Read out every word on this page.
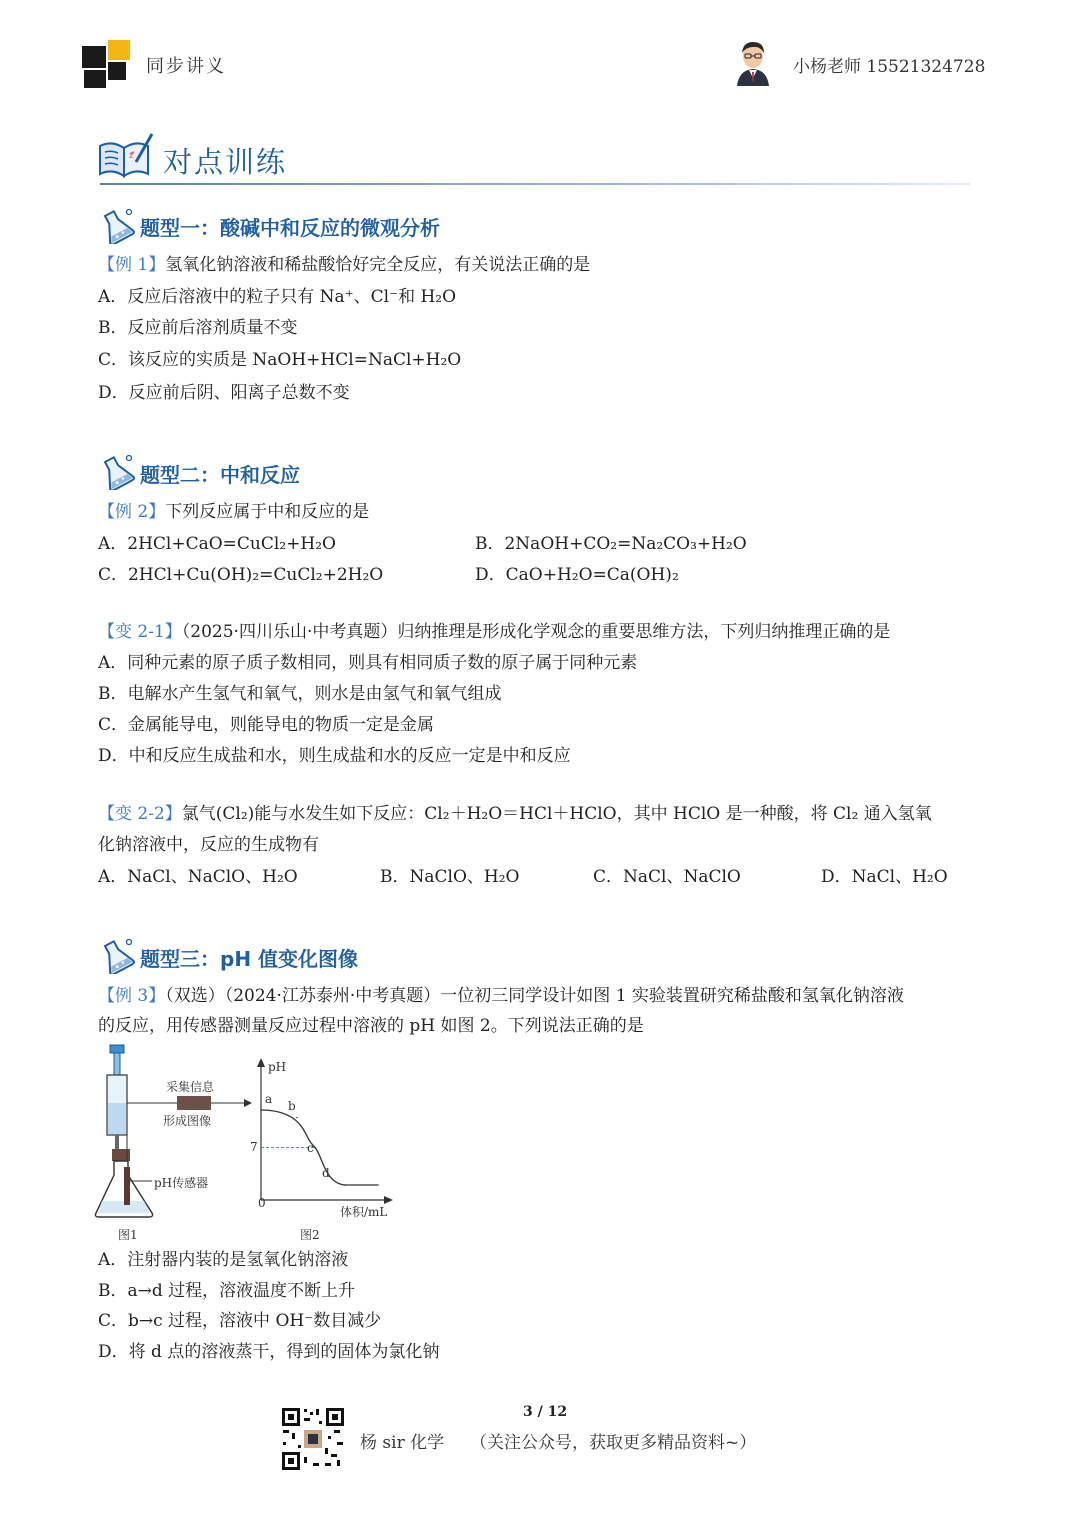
同步讲义	小杨老师 15521324728
z 对点训练
题型一：酸碱中和反应的微观分析
【例 1】氢氧化钠溶液和稀盐酸恰好完全反应，有关说法正确的是
A．反应后溶液中的粒子只有 Na⁺、Cl⁻和 H₂O
B．反应前后溶剂质量不变
C．该反应的实质是 NaOH+HCl=NaCl+H₂O
D．反应前后阴、阳离子总数不变
题型二：中和反应
【例 2】下列反应属于中和反应的是
A．2HCl+CaO=CuCl₂+H₂O	B．2NaOH+CO₂=Na₂CO₃+H₂O
C．2HCl+Cu(OH)₂=CuCl₂+2H₂O	D．CaO+H₂O=Ca(OH)₂
【变 2-1】（2025·四川乐山·中考真题）归纳推理是形成化学观念的重要思维方法，下列归纳推理正确的是
A．同种元素的原子质子数相同，则具有相同质子数的原子属于同种元素
B．电解水产生氢气和氧气，则水是由氢气和氧气组成
C．金属能导电，则能导电的物质一定是金属
D．中和反应生成盐和水，则生成盐和水的反应一定是中和反应
【变 2-2】氯气(Cl₂)能与水发生如下反应：Cl₂＋H₂O＝HCl＋HClO，其中 HClO 是一种酸，将 Cl₂ 通入氢氧
化钠溶液中，反应的生成物有
A．NaCl、NaClO、H₂O	B．NaClO、H₂O	C．NaCl、NaClO	D．NaCl、H₂O
题型三：pH 值变化图像
【例 3】（双选）（2024·江苏泰州·中考真题）一位初三同学设计如图 1 实验装置研究稀盐酸和氢氧化钠溶液
的反应，用传感器测量反应过程中溶液的 pH 如图 2。下列说法正确的是
采集信息
形成图像
pH传感器
图1
pH
体积/mL
0
7
a b
c
d
图2
A．注射器内装的是氢氧化钠溶液
B．a→d 过程，溶液温度不断上升
C．b→c 过程，溶液中 OH⁻数目减少
D．将 d 点的溶液蒸干，得到的固体为氯化钠
3 / 12
杨 sir 化学 （关注公众号，获取更多精品资料~）
